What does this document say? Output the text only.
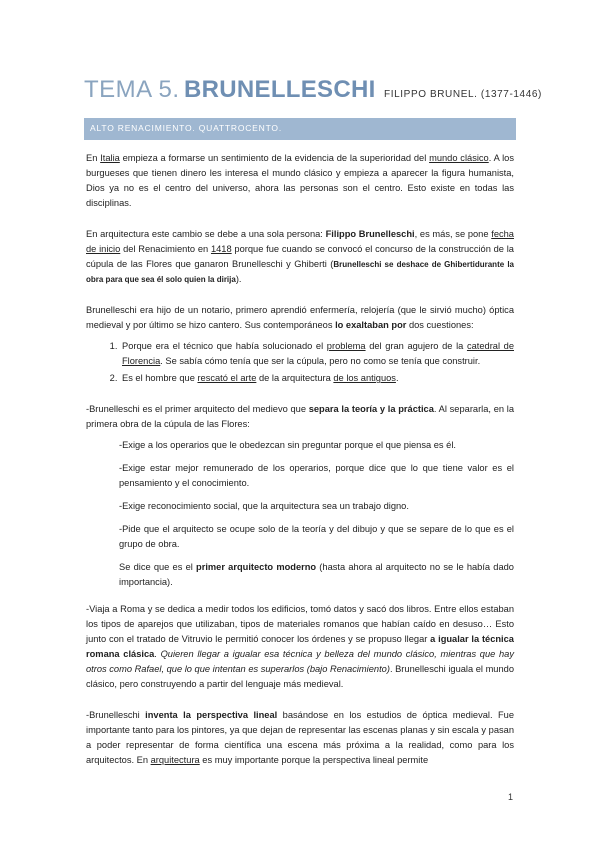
TEMA 5. BRUNELLESCHI FILIPPO BRUNEL. (1377-1446)
ALTO RENACIMIENTO. QUATTROCENTO.

En Italia empieza a formarse un sentimiento de la evidencia de la superioridad del mundo clásico. A los burgueses que tienen dinero les interesa el mundo clásico y empieza a aparecer la figura humanista, Dios ya no es el centro del universo, ahora las personas son el centro. Esto existe en todas las disciplinas.

En arquitectura este cambio se debe a una sola persona: Filippo Brunelleschi, es más, se pone fecha de inicio del Renacimiento en 1418 porque fue cuando se convocó el concurso de la construcción de la cúpula de las Flores que ganaron Brunelleschi y Ghiberti (Brunelleschi se deshace de Ghibertidurante la obra para que sea él solo quien la dirija).

Brunelleschi era hijo de un notario, primero aprendió enfermería, relojería (que le sirvió mucho) óptica medieval y por último se hizo cantero. Sus contemporáneos lo exaltaban por dos cuestiones:

1. Porque era el técnico que había solucionado el problema del gran agujero de la catedral de Florencia. Se sabía cómo tenía que ser la cúpula, pero no como se tenía que construir.
2. Es el hombre que rescató el arte de la arquitectura de los antiguos.

-Brunelleschi es el primer arquitecto del medievo que separa la teoría y la práctica. Al separarla, en la primera obra de la cúpula de las Flores:

-Exige a los operarios que le obedezcan sin preguntar porque el que piensa es él.

-Exige estar mejor remunerado de los operarios, porque dice que lo que tiene valor es el pensamiento y el conocimiento.

-Exige reconocimiento social, que la arquitectura sea un trabajo digno.

-Pide que el arquitecto se ocupe solo de la teoría y del dibujo y que se separe de lo que es el grupo de obra.

Se dice que es el primer arquitecto moderno (hasta ahora al arquitecto no se le había dado importancia).

-Viaja a Roma y se dedica a medir todos los edificios, tomó datos y sacó dos libros. Entre ellos estaban los tipos de aparejos que utilizaban, tipos de materiales romanos que habían caído en desuso… Esto junto con el tratado de Vitruvio le permitió conocer los órdenes y se propuso llegar a igualar la técnica romana clásica. Quieren llegar a igualar esa técnica y belleza del mundo clásico, mientras que hay otros como Rafael, que lo que intentan es superarlos (bajo Renacimiento). Brunelleschi iguala el mundo clásico, pero construyendo a partir del lenguaje más medieval.

-Brunelleschi inventa la perspectiva lineal basándose en los estudios de óptica medieval. Fue importante tanto para los pintores, ya que dejan de representar las escenas planas y sin escala y pasan a poder representar de forma científica una escena más próxima a la realidad, como para los arquitectos. En arquitectura es muy importante porque la perspectiva lineal permite

1
